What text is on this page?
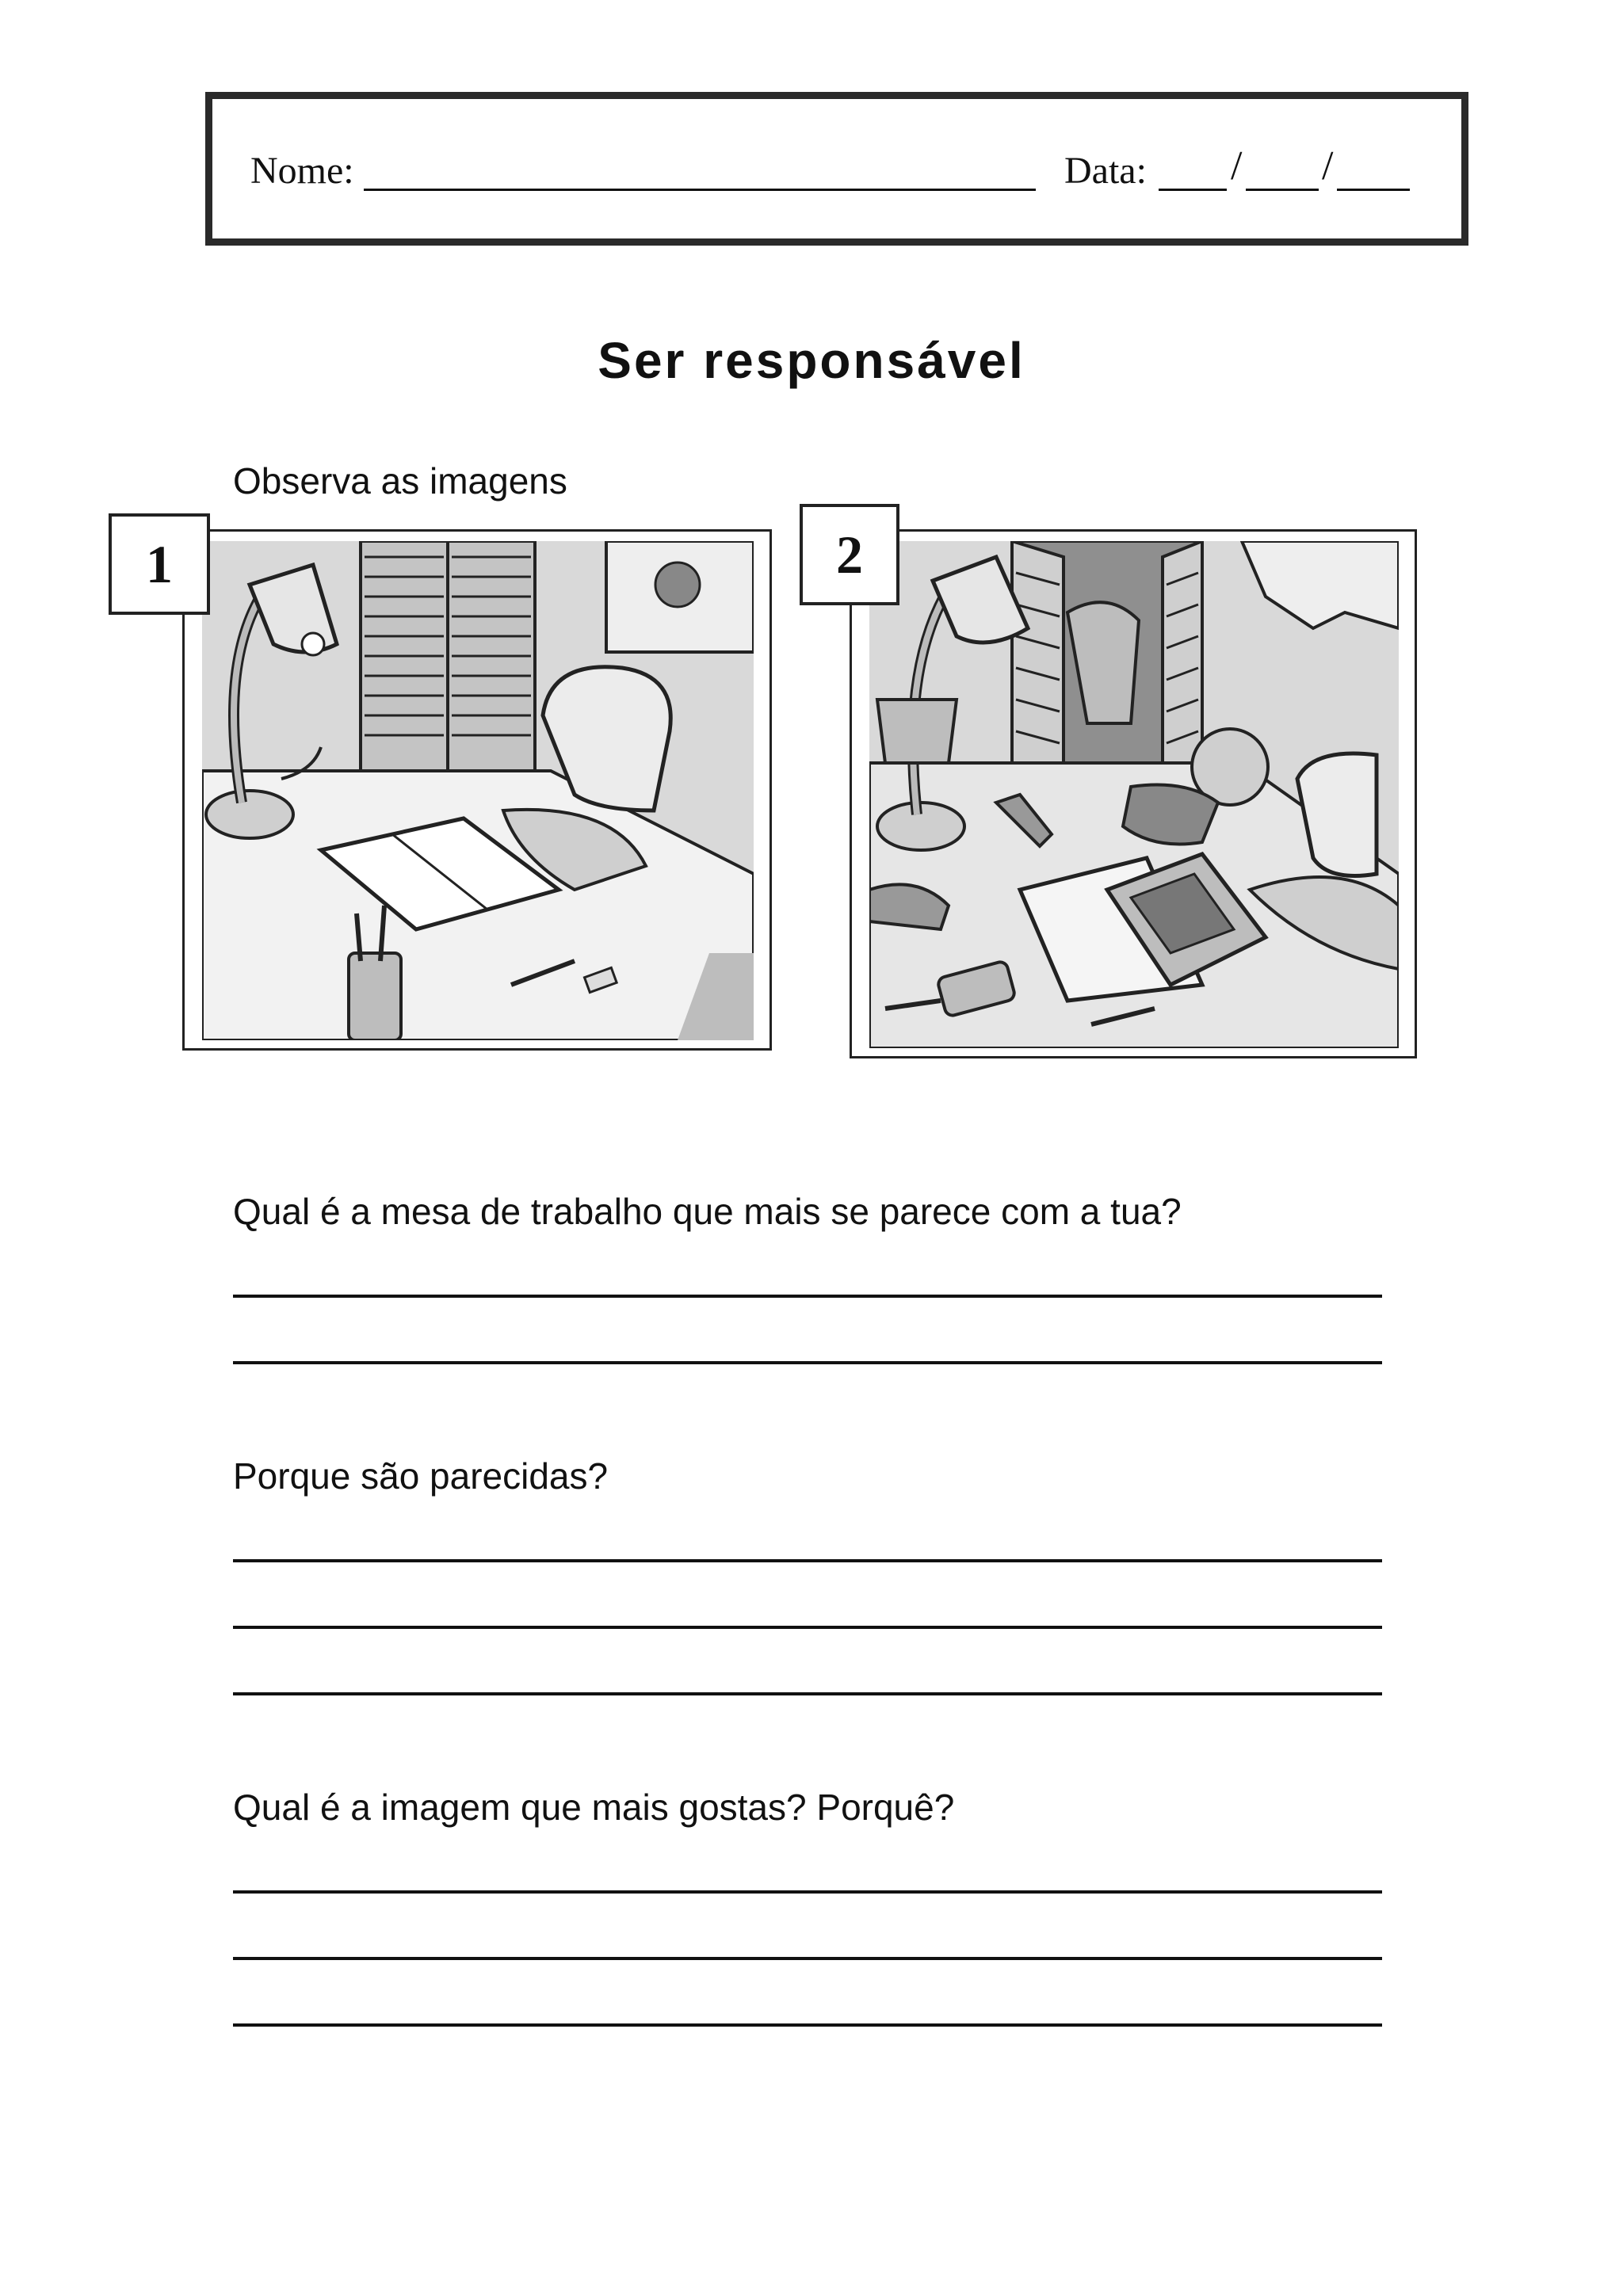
Nome:	Data: / /
Ser responsável
Observa as imagens
1	2
Qual é a mesa de trabalho que mais se parece com a tua?
Porque são parecidas?
Qual é a imagem que mais gostas? Porquê?
